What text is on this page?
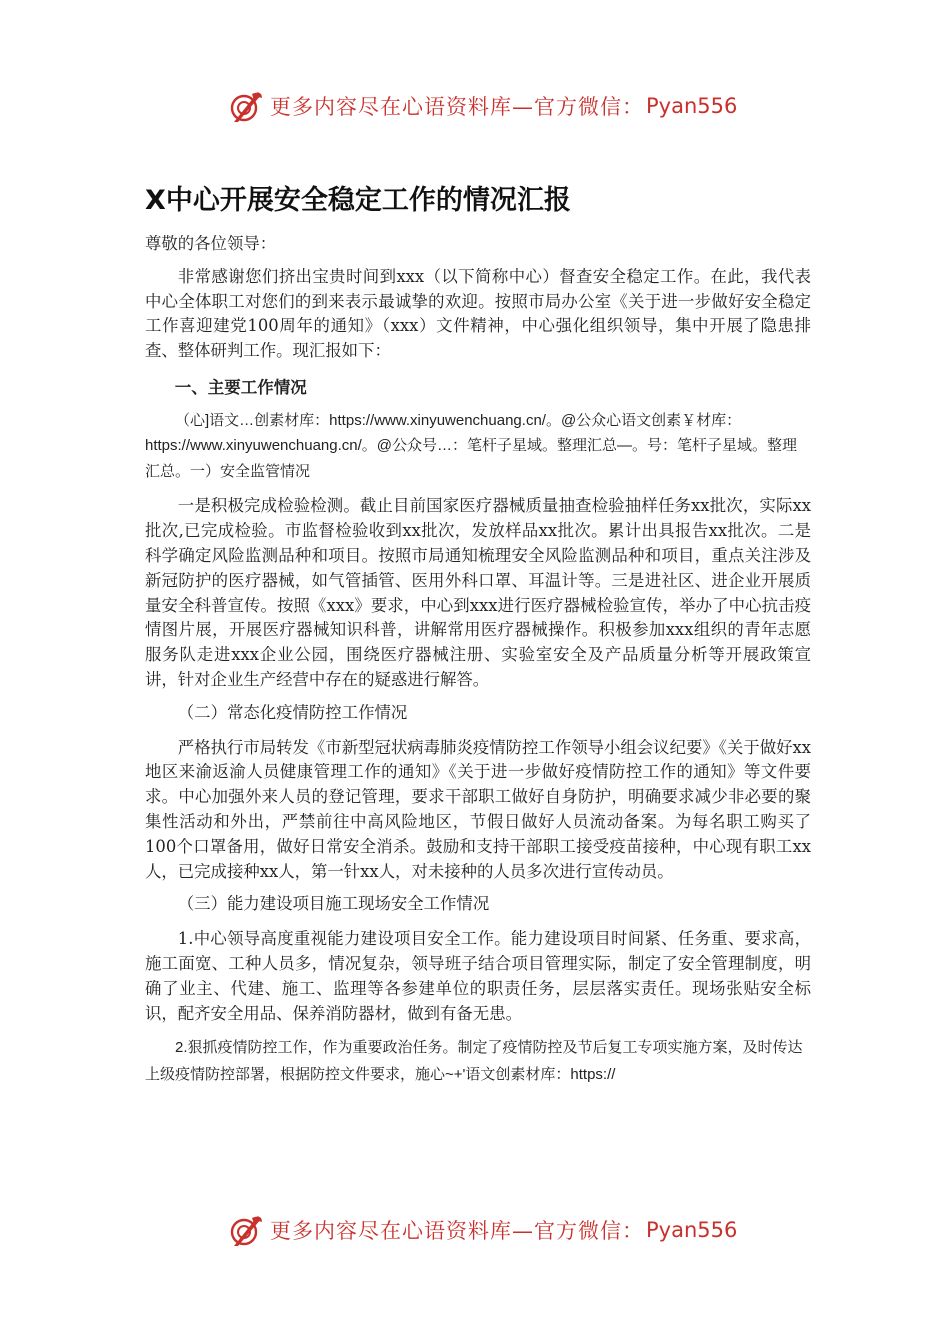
更多内容尽在心语资料库—官方微信： Pyan556
X中心开展安全稳定工作的情况汇报

尊敬的各位领导：

非常感谢您们挤出宝贵时间到xxx（以下简称中心）督查安全稳定工作。在此，我代表中心全体职工对您们的到来表示最诚挚的欢迎。按照市局办公室《关于进一步做好安全稳定工作喜迎建党100周年的通知》（xxx）文件精神，中心强化组织领导，集中开展了隐患排查、整体研判工作。现汇报如下：

一、主要工作情况

（心]语文…创素材库：https://www.xinyuwenchuang.cn/。@公众心语文创素￥材库：https://www.xinyuwenchuang.cn/。@公众号…：笔杆子星域。整理汇总—。号：笔杆子星域。整理汇总。一）安全监管情况

一是积极完成检验检测。截止目前国家医疗器械质量抽查检验抽样任务xx批次，实际xx批次,已完成检验。市监督检验收到xx批次，发放样品xx批次。累计出具报告xx批次。二是科学确定风险监测品种和项目。按照市局通知梳理安全风险监测品种和项目，重点关注涉及新冠防护的医疗器械，如气管插管、医用外科口罩、耳温计等。三是进社区、进企业开展质量安全科普宣传。按照《xxx》要求，中心到xxx进行医疗器械检验宣传，举办了中心抗击疫情图片展，开展医疗器械知识科普，讲解常用医疗器械操作。积极参加xxx组织的青年志愿服务队走进xxx企业公园，围绕医疗器械注册、实验室安全及产品质量分析等开展政策宣讲，针对企业生产经营中存在的疑惑进行解答。

（二）常态化疫情防控工作情况

严格执行市局转发《市新型冠状病毒肺炎疫情防控工作领导小组会议纪要》《关于做好xx地区来渝返渝人员健康管理工作的通知》《关于进一步做好疫情防控工作的通知》等文件要求。中心加强外来人员的登记管理，要求干部职工做好自身防护，明确要求减少非必要的聚集性活动和外出，严禁前往中高风险地区，节假日做好人员流动备案。为每名职工购买了100个口罩备用，做好日常安全消杀。鼓励和支持干部职工接受疫苗接种，中心现有职工xx人，已完成接种xx人，第一针xx人，对未接种的人员多次进行宣传动员。

（三）能力建设项目施工现场安全工作情况

1.中心领导高度重视能力建设项目安全工作。能力建设项目时间紧、任务重、要求高，施工面宽、工种人员多，情况复杂，领导班子结合项目管理实际，制定了安全管理制度，明确了业主、代建、施工、监理等各参建单位的职责任务，层层落实责任。现场张贴安全标识，配齐安全用品、保养消防器材，做到有备无患。

2.狠抓疫情防控工作，作为重要政治任务。制定了疫情防控及节后复工专项实施方案，及时传达上级疫情防控部署，根据防控文件要求，施心~+'语文创素材库：https://

更多内容尽在心语资料库—官方微信： Pyan556
